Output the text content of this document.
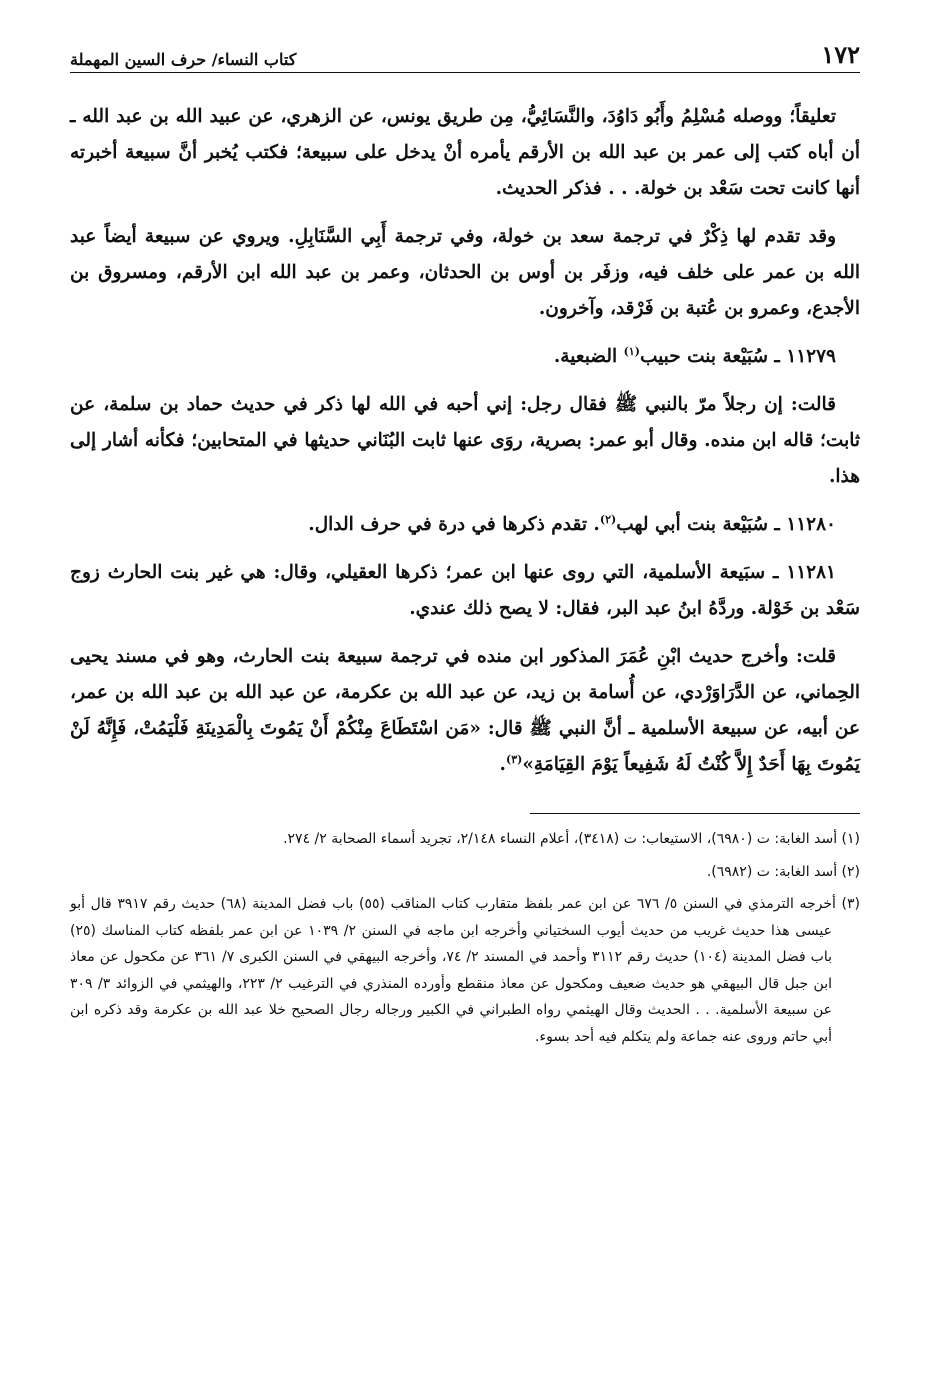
١٧٢
كتاب النساء/ حرف السين المهملة

تعليقاً؛ ووصله مُسْلِمُ وأَبُو دَاوُدَ، والنَّسَائِيُّ، مِن طريق يونس، عن الزهري، عن عبيد الله بن عبد الله ـ أن أباه كتب إلى عمر بن عبد الله بن الأرقم يأمره أنْ يدخل على سبيعة؛ فكتب يُخبر أنَّ سبيعة أخبرته أنها كانت تحت سَعْد بن خولة. . . فذكر الحديث.

وقد تقدم لها ذِكْرٌ في ترجمة سعد بن خولة، وفي ترجمة أَبِي السَّنَابِلِ. ويروي عن سبيعة أيضاً عبد الله بن عمر على خلف فيه، وزفَر بن أوس بن الحدثان، وعمر بن عبد الله ابن الأرقم، ومسروق بن الأجدع، وعمرو بن عُتبة بن فَرْقد، وآخرون.

١١٢٧٩ ـ سُبَيْعة بنت حبيب$^{(١)}$ الضبعية.

قالت: إن رجلاً مرّ بالنبي ﷺ فقال رجل: إني أحبه في الله لها ذكر في حديث حماد بن سلمة، عن ثابت؛ قاله ابن منده. وقال أبو عمر: بصرية، روَى عنها ثابت البُنَاني حديثها في المتحابين؛ فكأنه أشار إلى هذا.

١١٢٨٠ ـ سُبَيْعة بنت أبي لهب$^{(٢)}$. تقدم ذكرها في درة في حرف الدال.

١١٢٨١ ـ سبَيعة الأسلمية، التي روى عنها ابن عمر؛ ذكرها العقيلي، وقال: هي غير بنت الحارث زوج سَعْد بن خَوْلة. وردَّهُ ابنُ عبد البر، فقال: لا يصح ذلك عندي.

قلت: وأخرج حديث ابْنِ عُمَرَ المذكور ابن منده في ترجمة سبيعة بنت الحارث، وهو في مسند يحيى الحِماني، عن الدَّرَاوَرْدي، عن أُسامة بن زيد، عن عبد الله بن عكرمة، عن عبد الله بن عبد الله بن عمر، عن أبيه، عن سبيعة الأسلمية ـ أنَّ النبي ﷺ قال: «مَن اسْتَطَاعَ مِنْكُمْ أَنْ يَمُوتَ بِالْمَدِينَةِ فَلْيَمُتْ، فَإِنَّهُ لَنْ يَمُوتَ بِهَا أَحَدٌ إِلاَّ كُنْتُ لَهُ شَفِيعاً يَوْمَ القِيَامَةِ»$^{(٣)}$.

(١) أسد الغابة: ت (٦٩٨٠)، الاستيعاب: ت (٣٤١٨)، أعلام النساء ٢/١٤٨، تجريد أسماء الصحابة ٢/ ٢٧٤.

(٢) أسد الغابة: ت (٦٩٨٢).

(٣) أخرجه الترمذي في السنن ٥/ ٦٧٦ عن ابن عمر بلفظ متقارب كتاب المناقب (٥٥) باب فضل المدينة (٦٨) حديث رقم ٣٩١٧ قال أبو عيسى هذا حديث غريب من حديث أيوب السختياني وأخرجه ابن ماجه في السنن ٢/ ١٠٣٩ عن ابن عمر بلفظه كتاب المناسك (٢٥) باب فضل المدينة (١٠٤) حديث رقم ٣١١٢ وأحمد في المسند ٢/ ٧٤، وأخرجه البيهقي في السنن الكبرى ٧/ ٣٦١ عن مكحول عن معاذ ابن جبل قال البيهقي هو حديث ضعيف ومكحول عن معاذ منقطع وأورده المنذري في الترغيب ٢/ ٢٢٣، والهيثمي في الزوائد ٣/ ٣٠٩ عن سبيعة الأسلمية. . . الحديث وقال الهيثمي رواه الطبراني في الكبير ورجاله رجال الصحيح خلا عبد الله بن عكرمة وقد ذكره ابن أبي حاتم وروى عنه جماعة ولم يتكلم فيه أحد بسوء.
